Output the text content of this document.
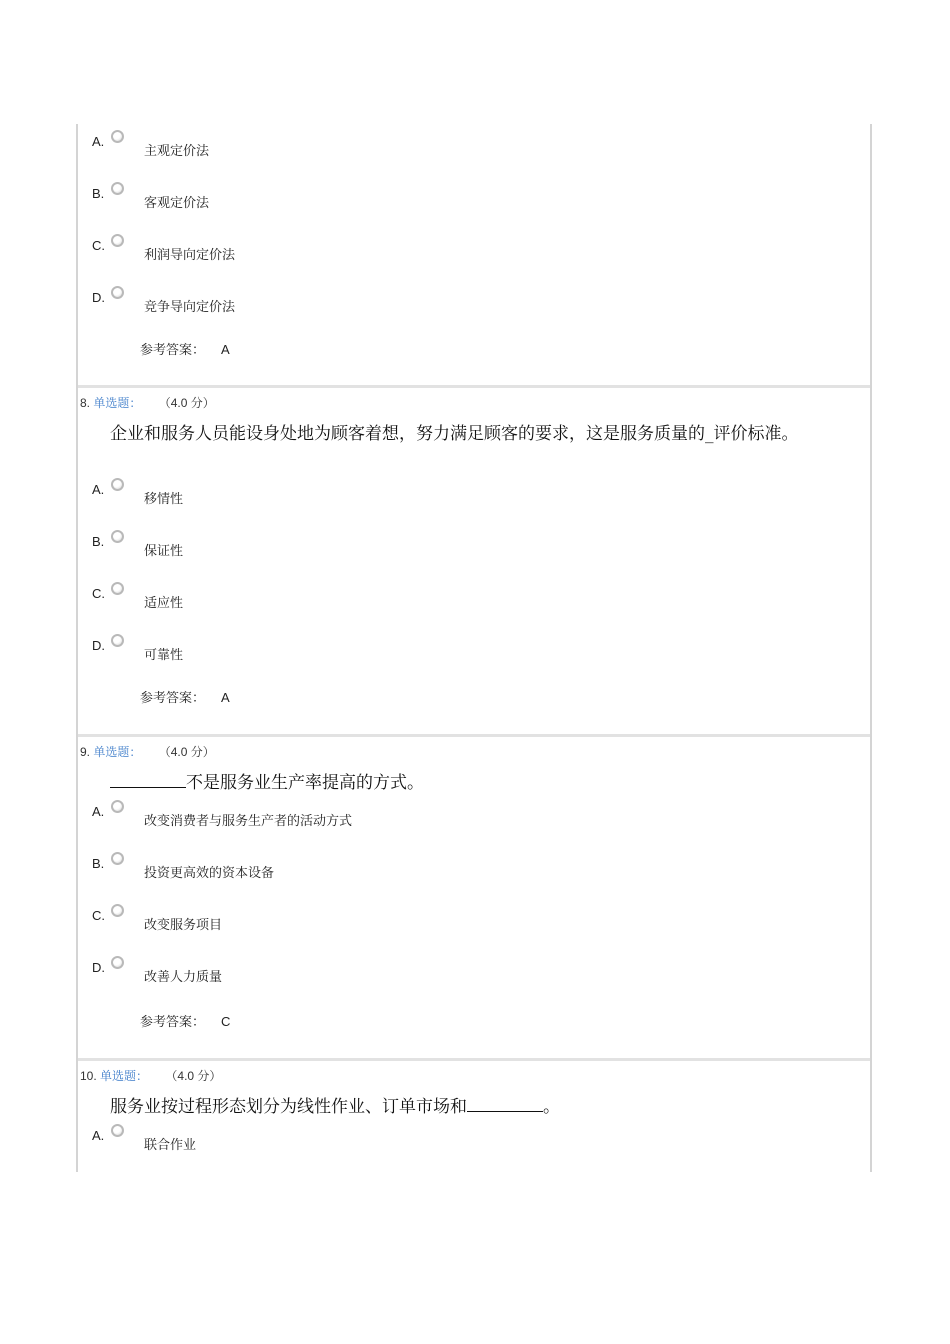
A.
主观定价法
B.
客观定价法
C.
利润导向定价法
D.
竞争导向定价法
参考答案： A
8. 单选题： （4.0 分）
企业和服务人员能设身处地为顾客着想，努力满足顾客的要求，这是服务质量的_评价标准。
A.
移情性
B.
保证性
C.
适应性
D.
可靠性
参考答案： A
9. 单选题： （4.0 分）
不是服务业生产率提高的方式。
A.
改变消费者与服务生产者的活动方式
B.
投资更高效的资本设备
C.
改变服务项目
D.
改善人力质量
参考答案： C
10. 单选题： （4.0 分）
服务业按过程形态划分为线性作业、订单市场和	。
A.
联合作业
